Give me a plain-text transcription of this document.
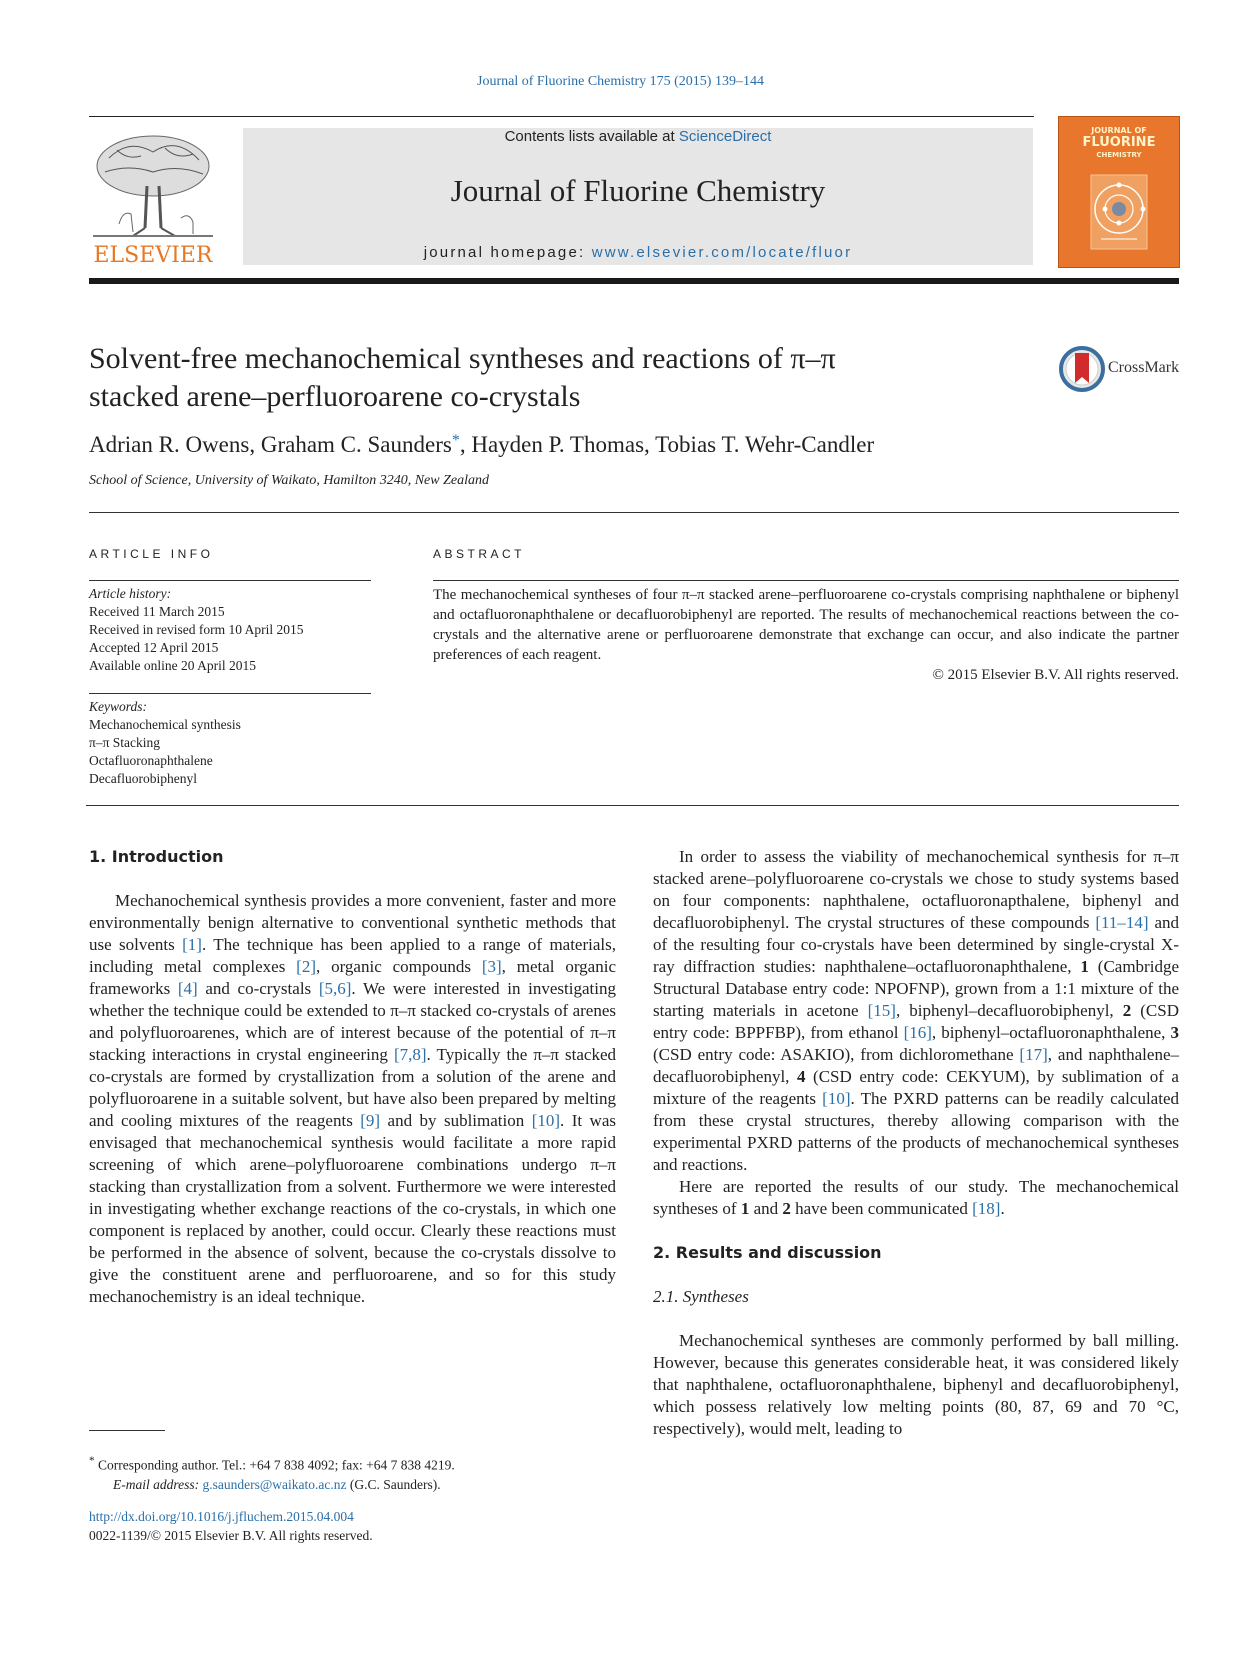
Journal of Fluorine Chemistry 175 (2015) 139–144
ELSEVIER
Contents lists available at ScienceDirect
Journal of Fluorine Chemistry
journal homepage: www.elsevier.com/locate/fluor
JOURNAL OF
FLUORINE
CHEMISTRY
Solvent-free mechanochemical syntheses and reactions of π–π
stacked arene–perfluoroarene co-crystals
CrossMark
Adrian R. Owens, Graham C. Saunders*, Hayden P. Thomas, Tobias T. Wehr-Candler
School of Science, University of Waikato, Hamilton 3240, New Zealand
ARTICLE INFO	ABSTRACT
Article history:
Received 11 March 2015
Received in revised form 10 April 2015
Accepted 12 April 2015
Available online 20 April 2015
Keywords:
Mechanochemical synthesis
π–π Stacking
Octafluoronaphthalene
Decafluorobiphenyl
The mechanochemical syntheses of four π–π stacked arene–perfluoroarene co-crystals comprising naphthalene or biphenyl and octafluoronaphthalene or decafluorobiphenyl are reported. The results of mechanochemical reactions between the co-crystals and the alternative arene or perfluoroarene demonstrate that exchange can occur, and also indicate the partner preferences of each reagent.
© 2015 Elsevier B.V. All rights reserved.

1. Introduction

Mechanochemical synthesis provides a more convenient, faster and more environmentally benign alternative to conventional synthetic methods that use solvents [1]. The technique has been applied to a range of materials, including metal complexes [2], organic compounds [3], metal organic frameworks [4] and co-crystals [5,6]. We were interested in investigating whether the technique could be extended to π–π stacked co-crystals of arenes and polyfluoroarenes, which are of interest because of the potential of π–π stacking interactions in crystal engineering [7,8]. Typically the π–π stacked co-crystals are formed by crystallization from a solution of the arene and polyfluoroarene in a suitable solvent, but have also been prepared by melting and cooling mixtures of the reagents [9] and by sublimation [10]. It was envisaged that mechanochemical synthesis would facilitate a more rapid screening of which arene–polyfluoroarene combinations undergo π–π stacking than crystallization from a solvent. Furthermore we were interested in investigating whether exchange reactions of the co-crystals, in which one component is replaced by another, could occur. Clearly these reactions must be performed in the absence of solvent, because the co-crystals dissolve to give the constituent arene and perfluoroarene, and so for this study mechanochemistry is an ideal technique.

In order to assess the viability of mechanochemical synthesis for π–π stacked arene–polyfluoroarene co-crystals we chose to study systems based on four components: naphthalene, octafluoronapthalene, biphenyl and decafluorobiphenyl. The crystal structures of these compounds [11–14] and of the resulting four co-crystals have been determined by single-crystal X-ray diffraction studies: naphthalene–octafluoronaphthalene, 1 (Cambridge Structural Database entry code: NPOFNP), grown from a 1:1 mixture of the starting materials in acetone [15], biphenyl–decafluorobiphenyl, 2 (CSD entry code: BPPFBP), from ethanol [16], biphenyl–octafluoronaphthalene, 3 (CSD entry code: ASAKIO), from dichloromethane [17], and naphthalene–decafluorobiphenyl, 4 (CSD entry code: CEKYUM), by sublimation of a mixture of the reagents [10]. The PXRD patterns can be readily calculated from these crystal structures, thereby allowing comparison with the experimental PXRD patterns of the products of mechanochemical syntheses and reactions.

Here are reported the results of our study. The mechanochemical syntheses of 1 and 2 have been communicated [18].

2. Results and discussion

2.1. Syntheses

Mechanochemical syntheses are commonly performed by ball milling. However, because this generates considerable heat, it was considered likely that naphthalene, octafluoronaphthalene, biphenyl and decafluorobiphenyl, which possess relatively low melting points (80, 87, 69 and 70 °C, respectively), would melt, leading to

* Corresponding author. Tel.: +64 7 838 4092; fax: +64 7 838 4219.
E-mail address: g.saunders@waikato.ac.nz (G.C. Saunders).
http://dx.doi.org/10.1016/j.jfluchem.2015.04.004
0022-1139/© 2015 Elsevier B.V. All rights reserved.
